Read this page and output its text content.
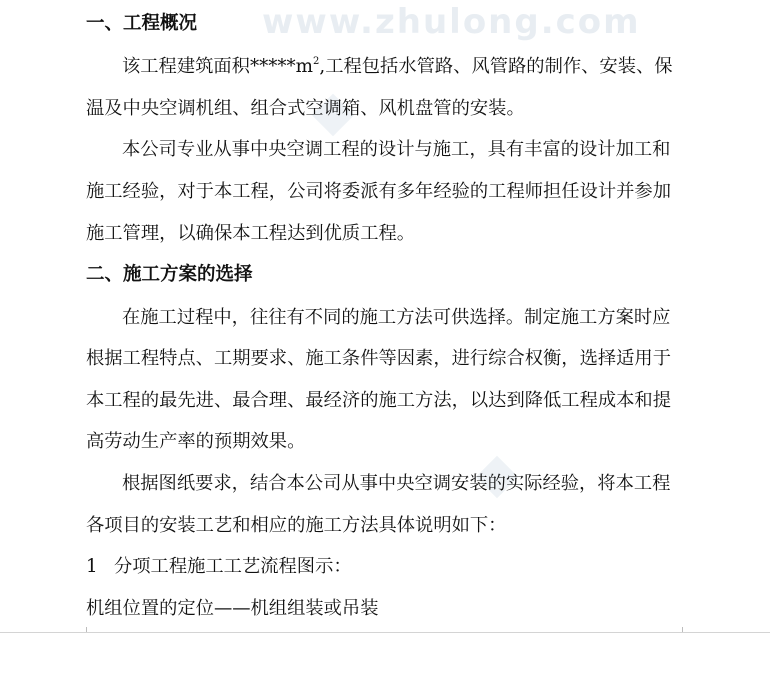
www.zhulong.com
一、工程概况
该工程建筑面积$*****m^2$,工程包括水管路、风管路的制作、安装、保
温及中央空调机组、组合式空调箱、风机盘管的安装。
本公司专业从事中央空调工程的设计与施工，具有丰富的设计加工和
施工经验，对于本工程，公司将委派有多年经验的工程师担任设计并参加
施工管理，以确保本工程达到优质工程。
二、施工方案的选择
在施工过程中，往往有不同的施工方法可供选择。制定施工方案时应
根据工程特点、工期要求、施工条件等因素，进行综合权衡，选择适用于
本工程的最先进、最合理、最经济的施工方法，以达到降低工程成本和提
高劳动生产率的预期效果。
根据图纸要求，结合本公司从事中央空调安装的实际经验，将本工程
各项目的安装工艺和相应的施工方法具体说明如下：
1 分项工程施工工艺流程图示：
机组位置的定位——机组组装或吊装
